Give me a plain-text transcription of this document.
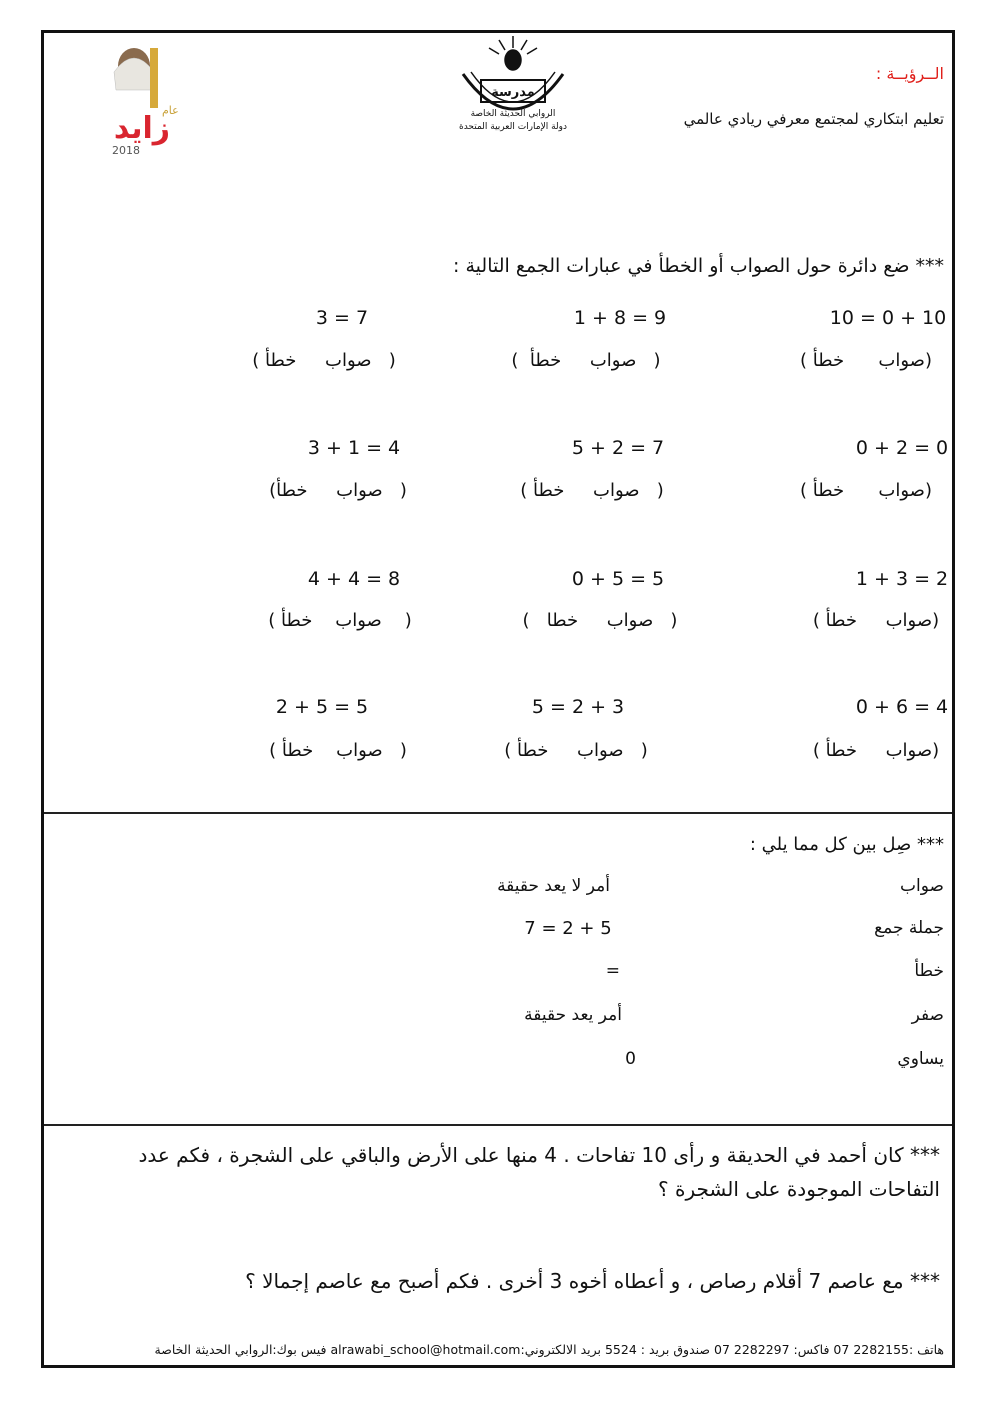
الــرؤيــة :
تعليم ابتكاري لمجتمع معرفي ريادي عالمي
مدرسة
الروابي الحديثة الخاصة
دولة الإمارات العربية المتحدة
عام
زايد
2018
*** ضع دائرة حول الصواب أو الخطأ في عبارات الجمع التالية :
10 = 0 + 10
1 + 8 = 9
3 = 7
(صواب      خطأ )
(   صواب     خطأ  )
(   صواب     خطأ )
0 + 2 = 0
5 + 2 = 7
3 + 1 = 4
(صواب      خطأ )
(   صواب     خطأ )
(   صواب     خطأ)
1 + 3 = 2
0 + 5 = 5
4 + 4 = 8
(صواب     خطأ )
(   صواب     خطا   )
(    صواب    خطأ )
0 + 6 = 4
5 = 2 + 3
2 + 5 = 5
(صواب     خطأ )
(   صواب     خطأ )
(   صواب    خطأ )
*** صِل بين كل مما يلي :
صواب
جملة جمع
خطأ
صفر
يساوي
أمر لا يعد حقيقة
7 = 2 + 5
=
أمر يعد حقيقة
0
*** كان أحمد في الحديقة و رأى 10 تفاحات . 4 منها على الأرض والباقي على الشجرة ، فكم عدد التفاحات الموجودة على الشجرة ؟
*** مع عاصم 7 أقلام رصاص ، و أعطاه أخوه 3 أخرى . فكم أصبح مع عاصم إجمالا ؟
هاتف :2282155 07 فاكس: 2282297 07 صندوق بريد : 5524 بريد الالكتروني:alrawabi_school@hotmail.com فيس بوك:الروابي الحديثة الخاصة
